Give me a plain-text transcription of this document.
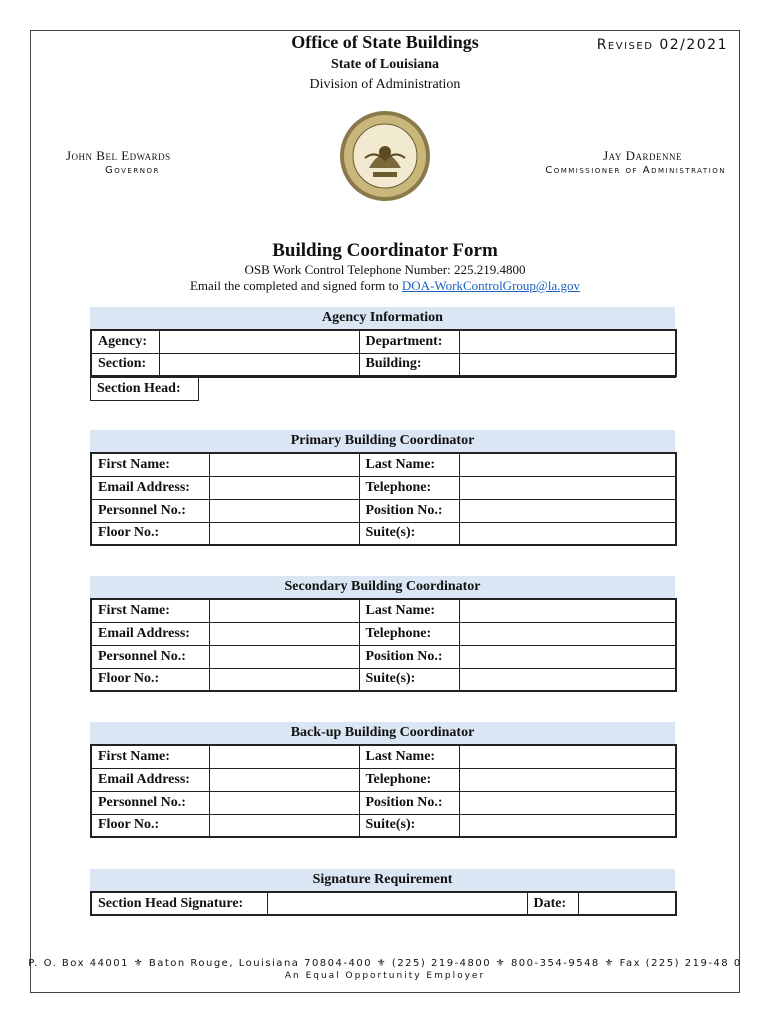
Office of State Buildings
State of Louisiana
Division of Administration
Revised 02/2021
John Bel Edwards
Governor
Jay Dardenne
Commissioner of Administration
Building Coordinator Form
OSB Work Control Telephone Number: 225.219.4800
Email the completed and signed form to DOA-WorkControlGroup@la.gov
Agency Information
Agency:		Department:	
Section:		Building:	
Section Head:	
Primary Building Coordinator
First Name:		Last Name:	
Email Address:		Telephone:	
Personnel No.:		Position No.:	
Floor No.:		Suite(s):	
Secondary Building Coordinator
First Name:		Last Name:	
Email Address:		Telephone:	
Personnel No.:		Position No.:	
Floor No.:		Suite(s):	
Back-up Building Coordinator
First Name:		Last Name:	
Email Address:		Telephone:	
Personnel No.:		Position No.:	
Floor No.:		Suite(s):	
Signature Requirement
Section Head Signature:		Date:	
P. O. Box 44001 ⚜ Baton Rouge, Louisiana 70804-400 ⚜ (225) 219-4800 ⚜ 800-354-9548 ⚜ Fax (225) 219-48 0
An Equal Opportunity Employer
